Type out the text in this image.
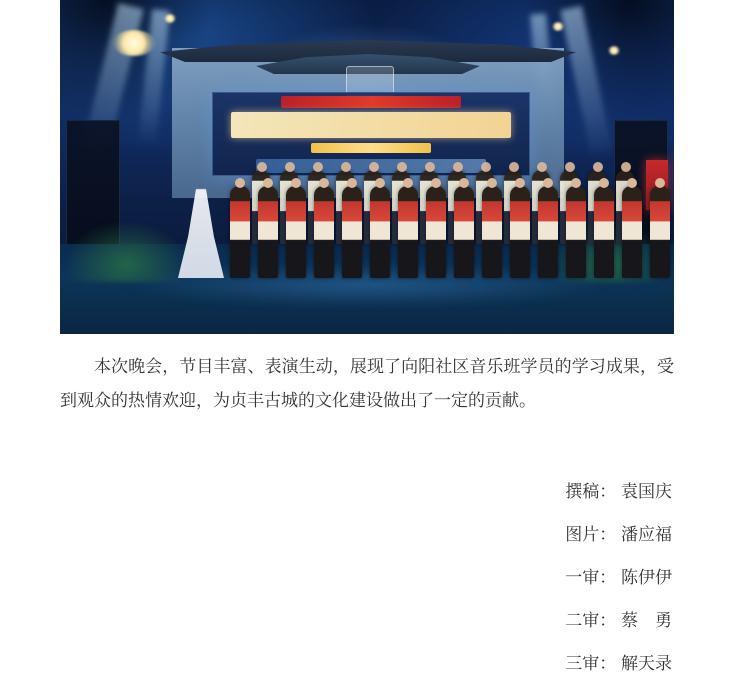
本次晚会，节目丰富、表演生动，展现了向阳社区音乐班学员的学习成果，受到观众的热情欢迎，为贞丰古城的文化建设做出了一定的贡献。

撰稿： 袁国庆
图片： 潘应福
一审： 陈伊伊
二审： 蔡　勇
三审： 解天录
